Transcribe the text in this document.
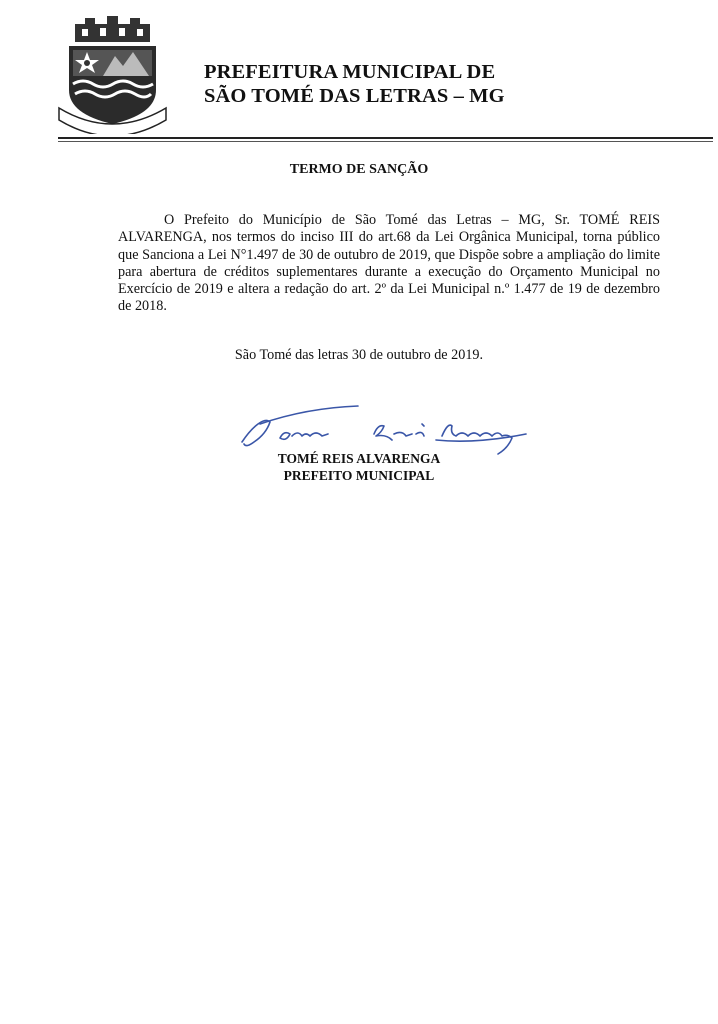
PREFEITURA MUNICIPAL DE
SÃO TOMÉ DAS LETRAS – MG
TERMO DE SANÇÃO
O Prefeito do Município de São Tomé das Letras – MG, Sr. TOMÉ REIS ALVARENGA, nos termos do inciso III do art.68 da Lei Orgânica Municipal, torna público que Sanciona a Lei N°1.497 de 30 de outubro de 2019, que Dispõe sobre a ampliação do limite para abertura de créditos suplementares durante a execução do Orçamento Municipal no Exercício de 2019 e altera a redação do art. 2º da Lei Municipal n.º 1.477 de 19 de dezembro de 2018.
São Tomé das letras 30 de outubro de 2019.
TOMÉ REIS ALVARENGA
PREFEITO MUNICIPAL
